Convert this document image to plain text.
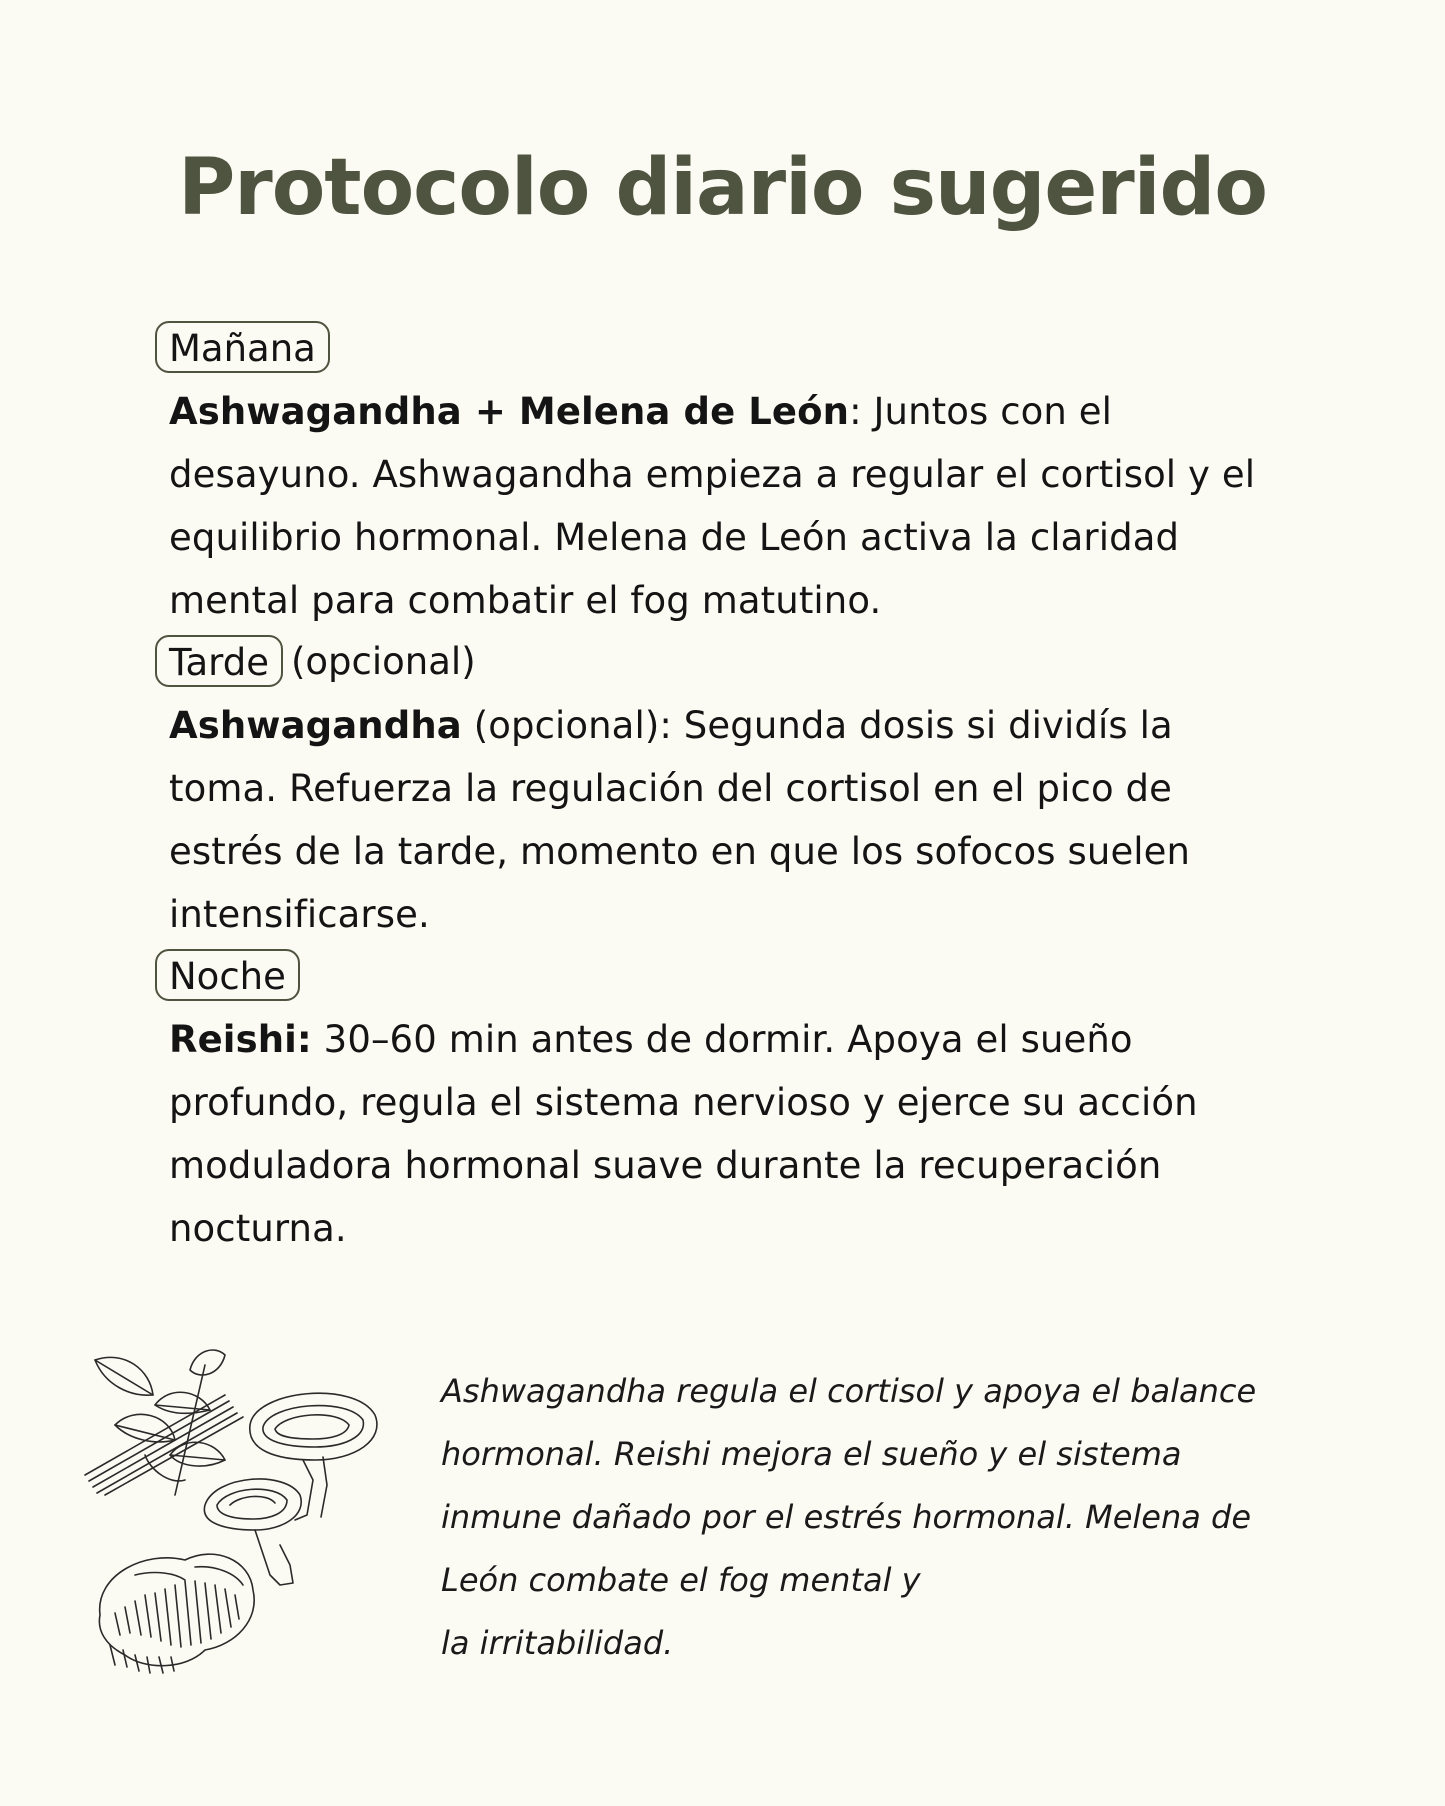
Protocolo diario sugerido
Mañana

Ashwagandha + Melena de León: Juntos con el desayuno. Ashwagandha empieza a regular el cortisol y el equilibrio hormonal. Melena de León activa la claridad mental para combatir el fog matutino.

Tarde (opcional)

Ashwagandha (opcional): Segunda dosis si dividís la toma. Refuerza la regulación del cortisol en el pico de estrés de la tarde, momento en que los sofocos suelen intensificarse.

Noche

Reishi: 30–60 min antes de dormir. Apoya el sueño profundo, regula el sistema nervioso y ejerce su acción moduladora hormonal suave durante la recuperación nocturna.

Ashwagandha regula el cortisol y apoya el balance
hormonal. Reishi mejora el sueño y el sistema
inmune dañado por el estrés hormonal. Melena de
León combate el fog mental y
la irritabilidad.
